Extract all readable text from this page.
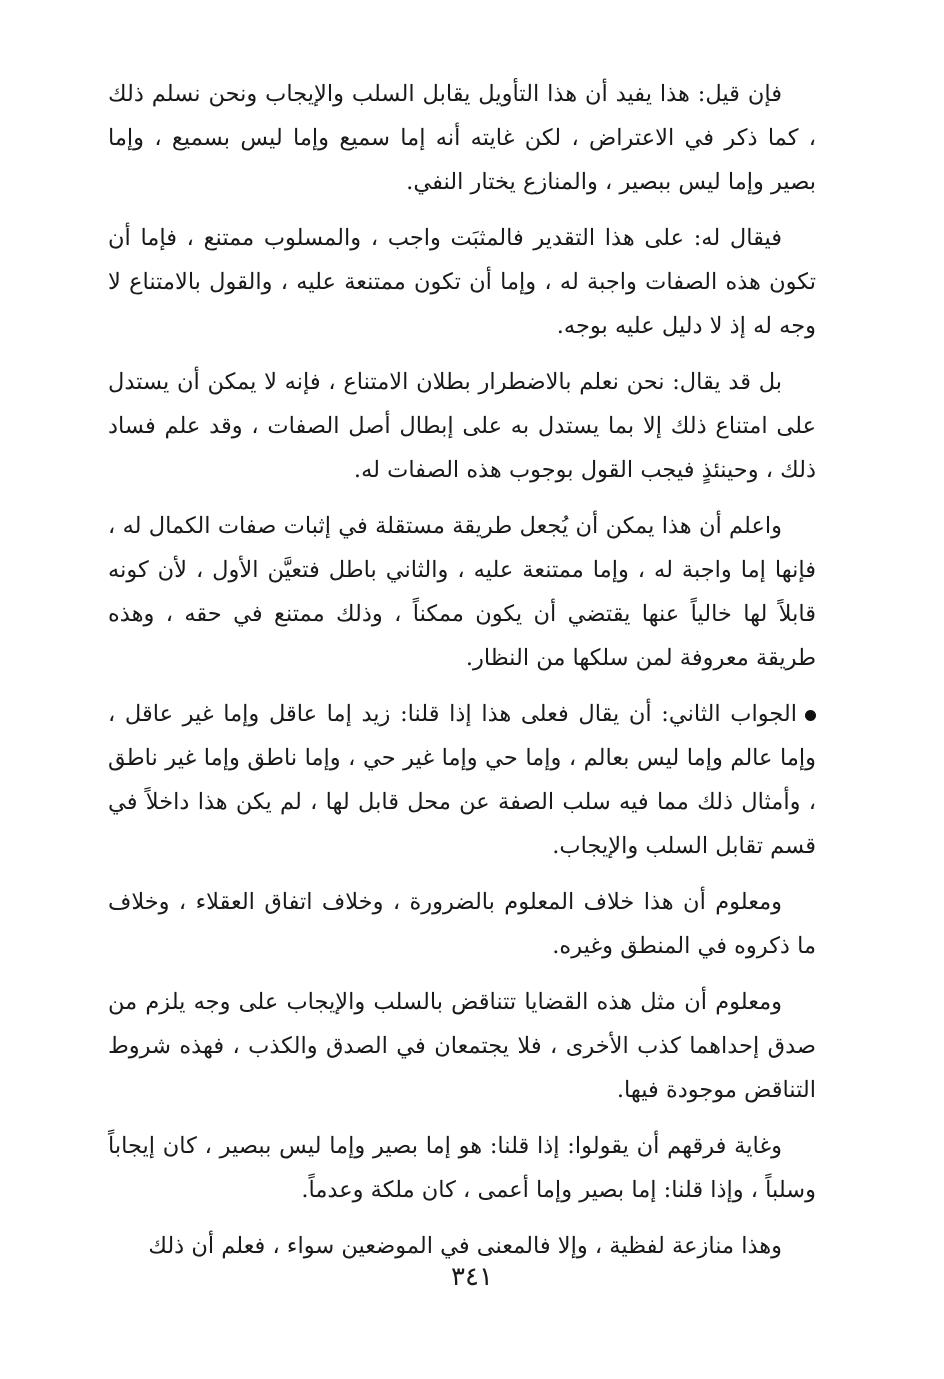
فإن قيل: هذا يفيد أن هذا التأويل يقابل السلب والإيجاب ونحن نسلم ذلك ، كما ذكر في الاعتراض ، لكن غايته أنه إما سميع وإما ليس بسميع ، وإما بصير وإما ليس ببصير ، والمنازع يختار النفي.

فيقال له: على هذا التقدير فالمثبَت واجب ، والمسلوب ممتنع ، فإما أن تكون هذه الصفات واجبة له ، وإما أن تكون ممتنعة عليه ، والقول بالامتناع لا وجه له إذ لا دليل عليه بوجه.

بل قد يقال: نحن نعلم بالاضطرار بطلان الامتناع ، فإنه لا يمكن أن يستدل على امتناع ذلك إلا بما يستدل به على إبطال أصل الصفات ، وقد علم فساد ذلك ، وحينئذٍ فيجب القول بوجوب هذه الصفات له.

واعلم أن هذا يمكن أن يُجعل طريقة مستقلة في إثبات صفات الكمال له ، فإنها إما واجبة له ، وإما ممتنعة عليه ، والثاني باطل فتعيَّن الأول ، لأن كونه قابلاً لها خالياً عنها يقتضي أن يكون ممكناً ، وذلك ممتنع في حقه ، وهذه طريقة معروفة لمن سلكها من النظار.

الجواب الثاني: أن يقال فعلى هذا إذا قلنا: زيد إما عاقل وإما غير عاقل ، وإما عالم وإما ليس بعالم ، وإما حي وإما غير حي ، وإما ناطق وإما غير ناطق ، وأمثال ذلك مما فيه سلب الصفة عن محل قابل لها ، لم يكن هذا داخلاً في قسم تقابل السلب والإيجاب.

ومعلوم أن هذا خلاف المعلوم بالضرورة ، وخلاف اتفاق العقلاء ، وخلاف ما ذكروه في المنطق وغيره.

ومعلوم أن مثل هذه القضايا تتناقض بالسلب والإيجاب على وجه يلزم من صدق إحداهما كذب الأخرى ، فلا يجتمعان في الصدق والكذب ، فهذه شروط التناقض موجودة فيها.

وغاية فرقهم أن يقولوا: إذا قلنا: هو إما بصير وإما ليس ببصير ، كان إيجاباً وسلباً ، وإذا قلنا: إما بصير وإما أعمى ، كان ملكة وعدماً.

وهذا منازعة لفظية ، وإلا فالمعنى في الموضعين سواء ، فعلم أن ذلك

٣٤١
